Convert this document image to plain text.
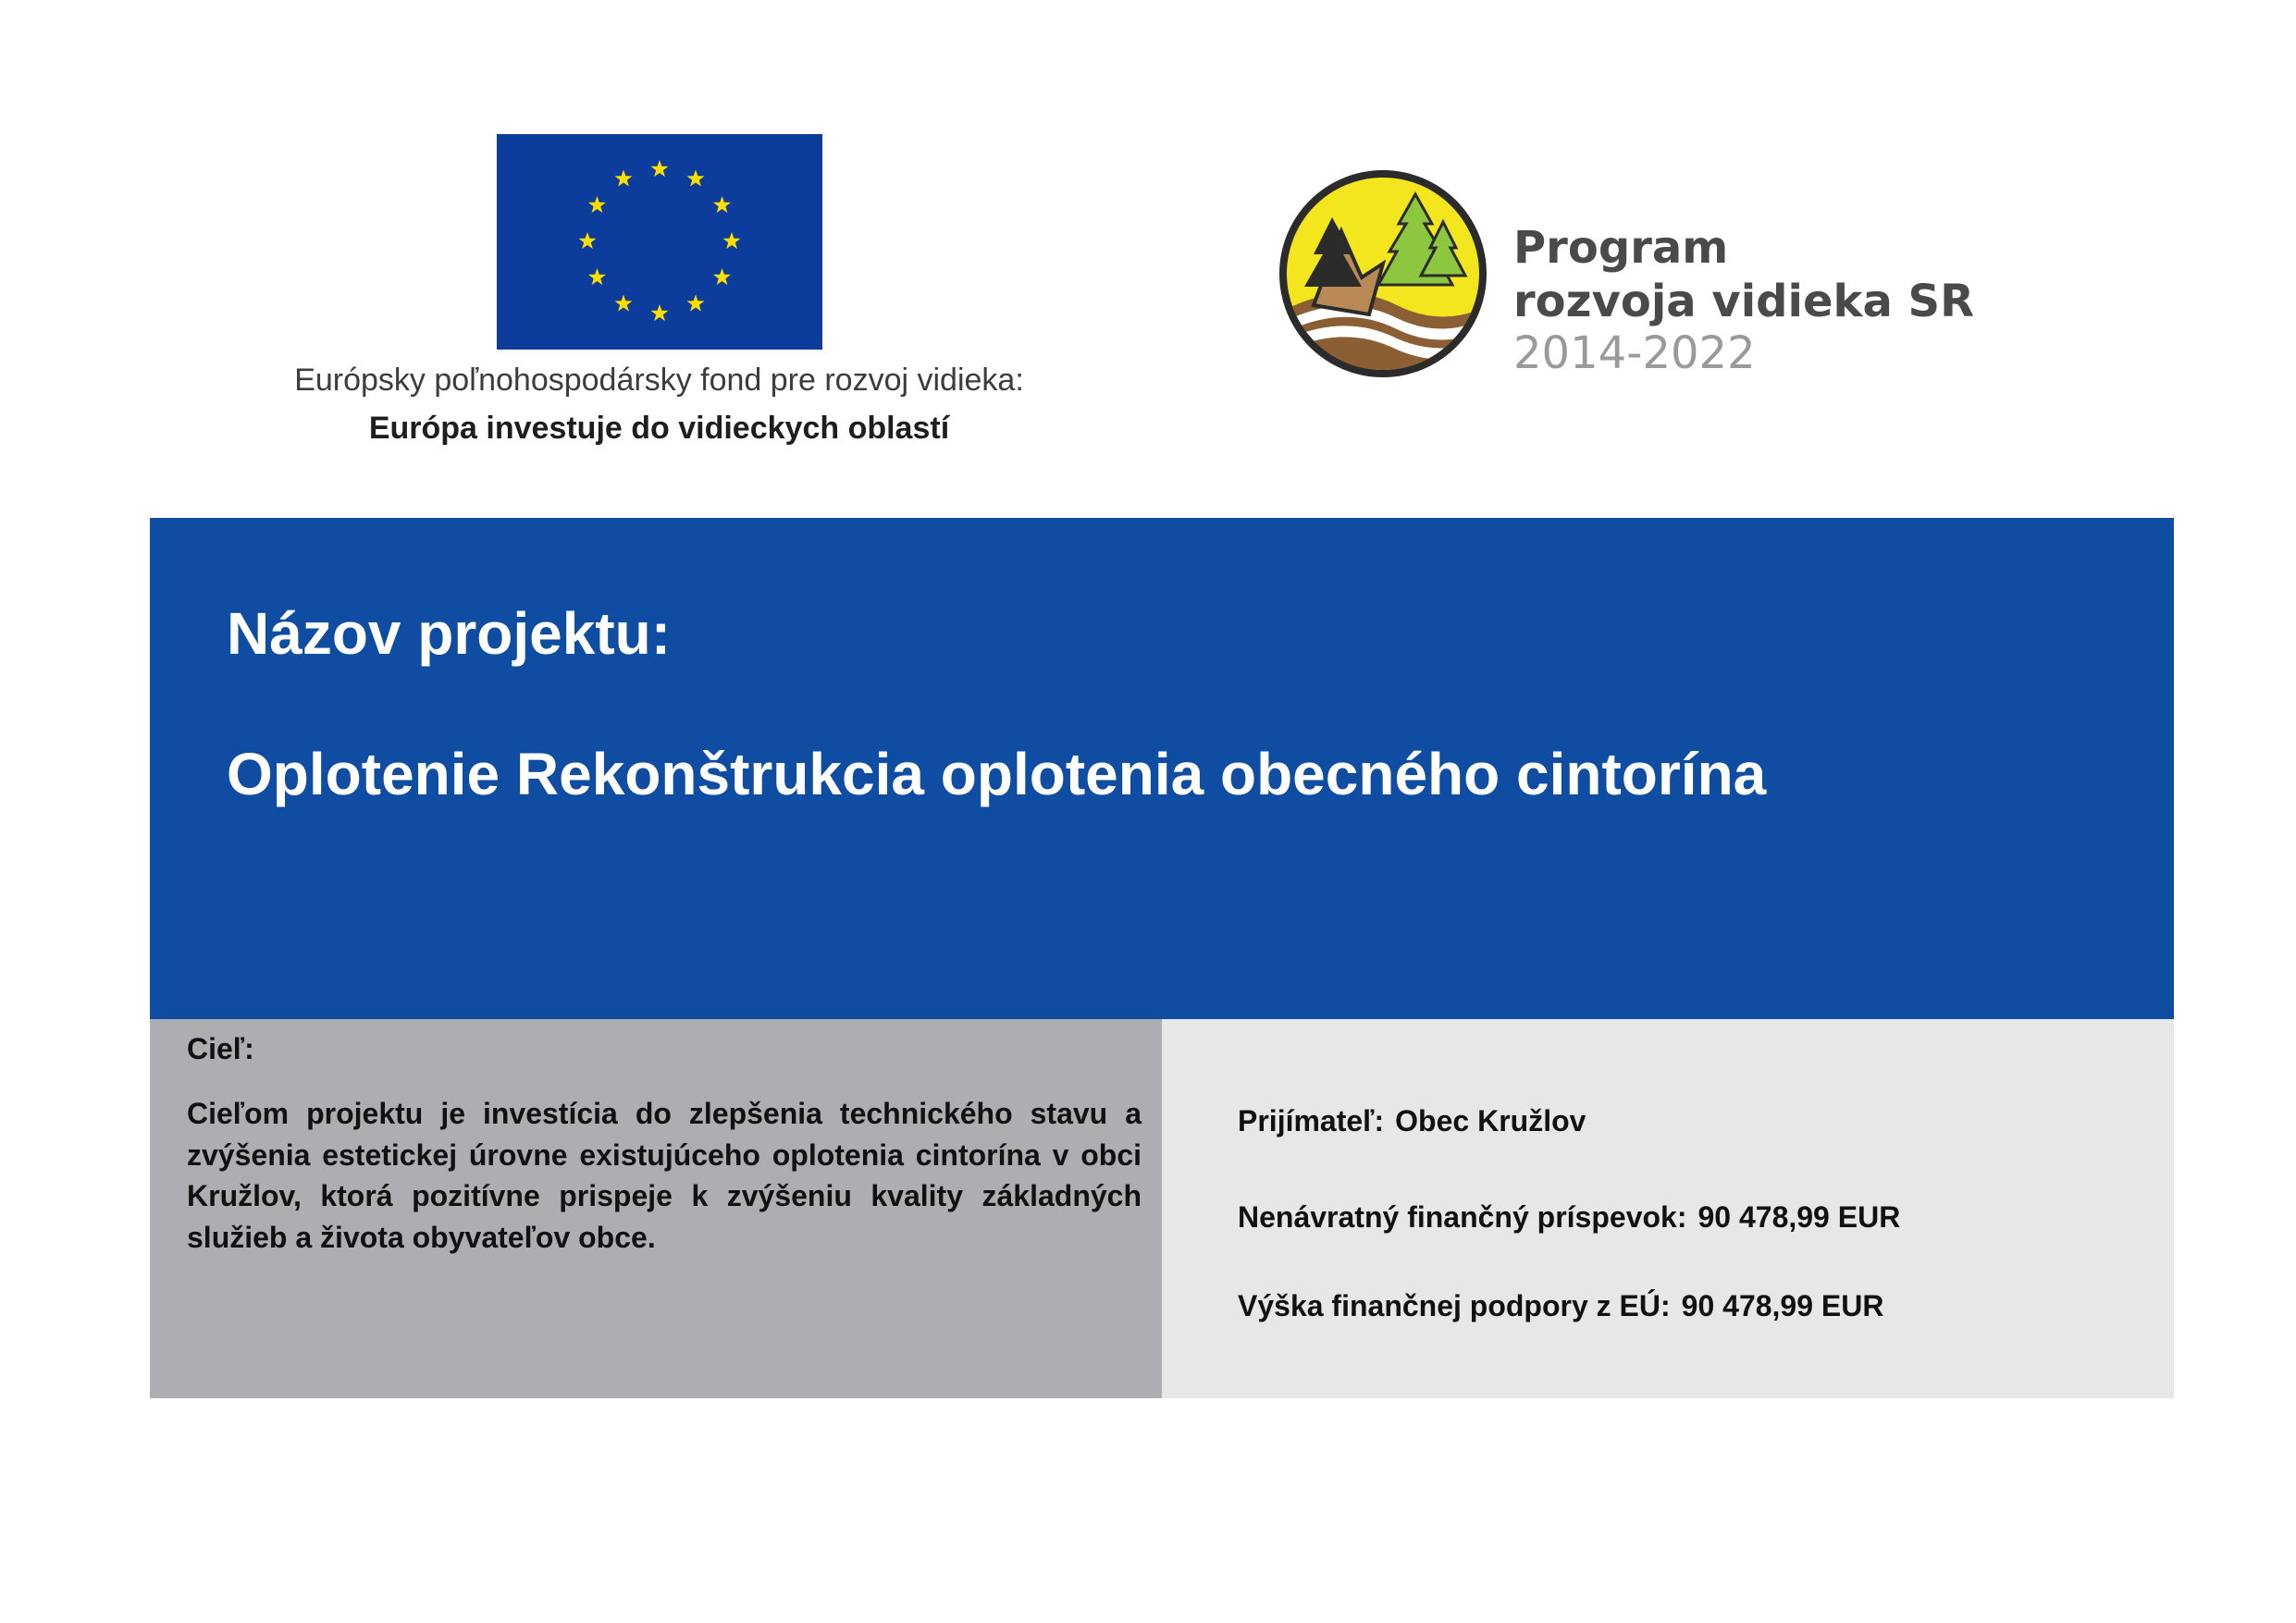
Európsky poľnohospodársky fond pre rozvoj vidieka:
Európa investuje do vidieckych oblastí
Program
rozvoja vidieka SR
2014-2022
Názov projektu:
Oplotenie Rekonštrukcia oplotenia obecného cintorína
Cieľ:

Cieľom projektu je investícia do zlepšenia technického stavu a zvýšenia estetickej úrovne existujúceho oplotenia cintorína v obci Kružlov, ktorá pozitívne prispeje k zvýšeniu kvality základných služieb a života obyvateľov obce.

Prijímateľ: Obec Kružlov
Nenávratný finančný príspevok: 90 478,99 EUR
Výška finančnej podpory z EÚ: 90 478,99 EUR
